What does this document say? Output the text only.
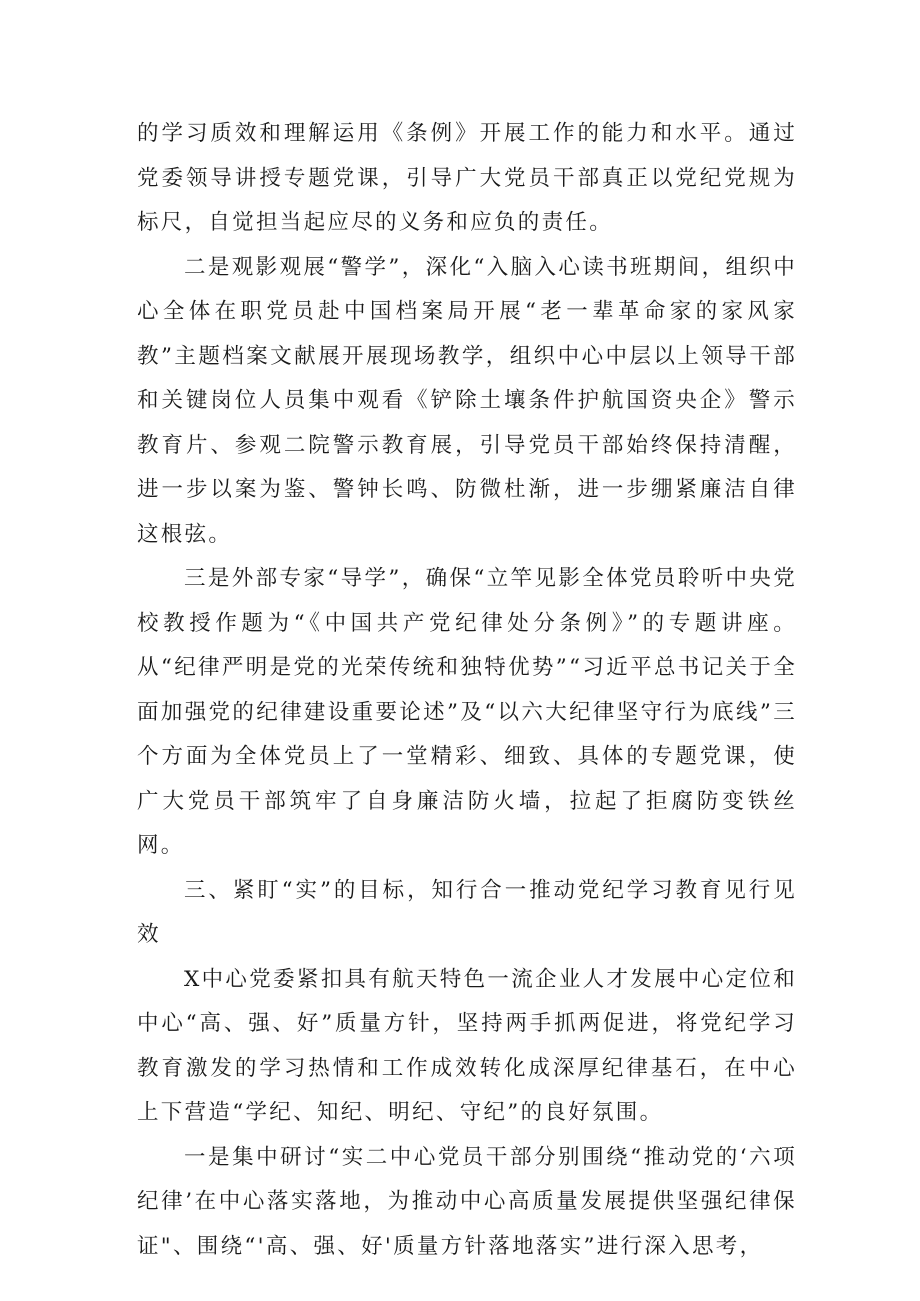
的学习质效和理解运用《条例》开展工作的能力和水平。通过党委领导讲授专题党课，引导广大党员干部真正以党纪党规为标尺，自觉担当起应尽的义务和应负的责任。

二是观影观展“警学”，深化“入脑入心读书班期间，组织中心全体在职党员赴中国档案局开展“老一辈革命家的家风家教”主题档案文献展开展现场教学，组织中心中层以上领导干部和关键岗位人员集中观看《铲除土壤条件护航国资央企》警示教育片、参观二院警示教育展，引导党员干部始终保持清醒，进一步以案为鉴、警钟长鸣、防微杜渐，进一步绷紧廉洁自律这根弦。

三是外部专家“导学”，确保“立竿见影全体党员聆听中央党校教授作题为“《中国共产党纪律处分条例》”的专题讲座。从“纪律严明是党的光荣传统和独特优势”“习近平总书记关于全面加强党的纪律建设重要论述”及“以六大纪律坚守行为底线”三个方面为全体党员上了一堂精彩、细致、具体的专题党课，使广大党员干部筑牢了自身廉洁防火墙，拉起了拒腐防变铁丝网。

三、紧盯“实”的目标，知行合一推动党纪学习教育见行见效

X中心党委紧扣具有航天特色一流企业人才发展中心定位和中心“高、强、好”质量方针，坚持两手抓两促进，将党纪学习教育激发的学习热情和工作成效转化成深厚纪律基石，在中心上下营造“学纪、知纪、明纪、守纪”的良好氛围。

一是集中研讨“实二中心党员干部分别围绕“推动党的‘六项纪律’在中心落实落地，为推动中心高质量发展提供坚强纪律保证"、围绕“'高、强、好'质量方针落地落实”进行深入思考，
